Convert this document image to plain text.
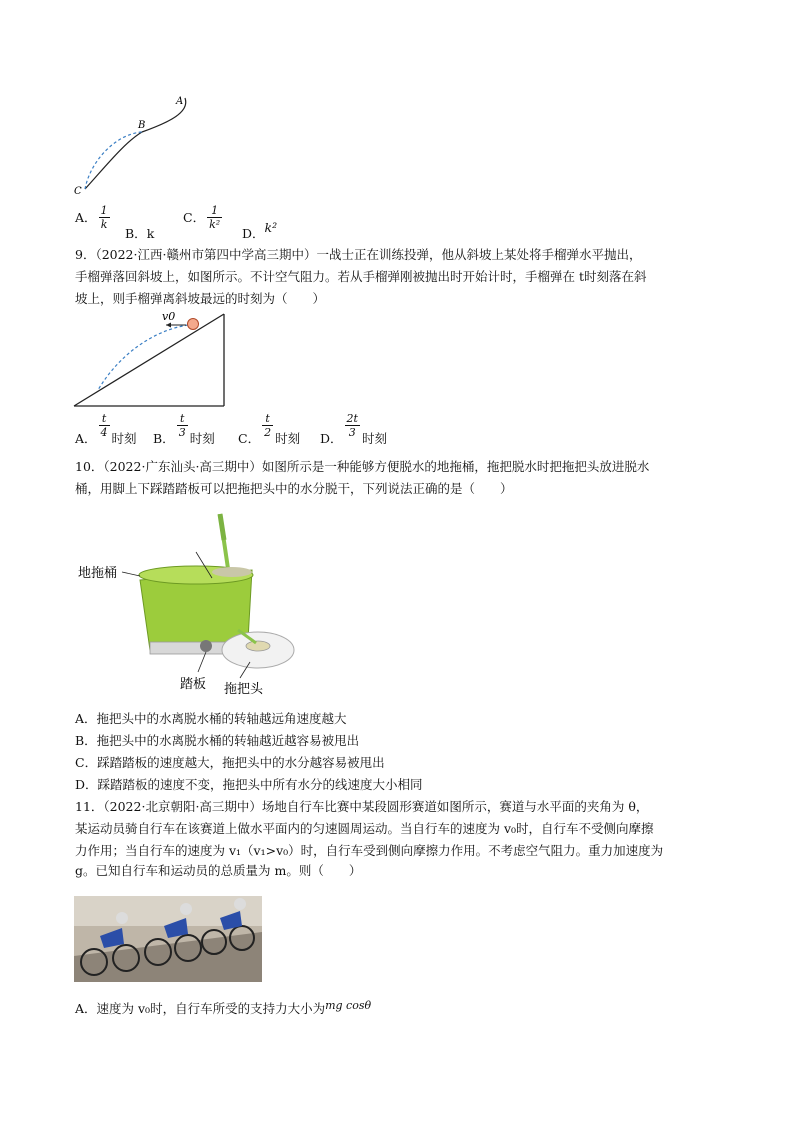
A
B
C
A． $\frac{1}{k}$
B．k
C． $\frac{1}{\text{k²}}$
D．k²
9．（2022·江西·赣州市第四中学高三期中）一战士正在训练投弹，他从斜坡上某处将手榴弹水平抛出，
手榴弹落回斜坡上，如图所示。不计空气阻力。若从手榴弹刚被抛出时开始计时，手榴弹在 t时刻落在斜
坡上，则手榴弹离斜坡最远的时刻为（　　）
v0
A． $\frac{t}{4}$ 时刻 B． $\frac{t}{3}$ 时刻 C． $\frac{t}{2}$ 时刻 D． $\frac{2t}{3}$ 时刻
10．（2022·广东汕头·高三期中）如图所示是一种能够方便脱水的地拖桶，拖把脱水时把拖把头放进脱水
桶，用脚上下踩踏踏板可以把拖把头中的水分脱干，下列说法正确的是（　　）
地拖桶
踏板 拖把头
A．拖把头中的水离脱水桶的转轴越远角速度越大
B．拖把头中的水离脱水桶的转轴越近越容易被甩出
C．踩踏踏板的速度越大，拖把头中的水分越容易被甩出
D．踩踏踏板的速度不变，拖把头中所有水分的线速度大小相同
11．（2022·北京朝阳·高三期中）场地自行车比赛中某段圆形赛道如图所示，赛道与水平面的夹角为 θ，
某运动员骑自行车在该赛道上做水平面内的匀速圆周运动。当自行车的速度为 v₀时，自行车不受侧向摩擦
力作用；当自行车的速度为 v₁（v₁>v₀）时，自行车受到侧向摩擦力作用。不考虑空气阻力。重力加速度为
g。已知自行车和运动员的总质量为 m。则（　　）
A．速度为 v₀时，自行车所受的支持力大小为mg cosθ
